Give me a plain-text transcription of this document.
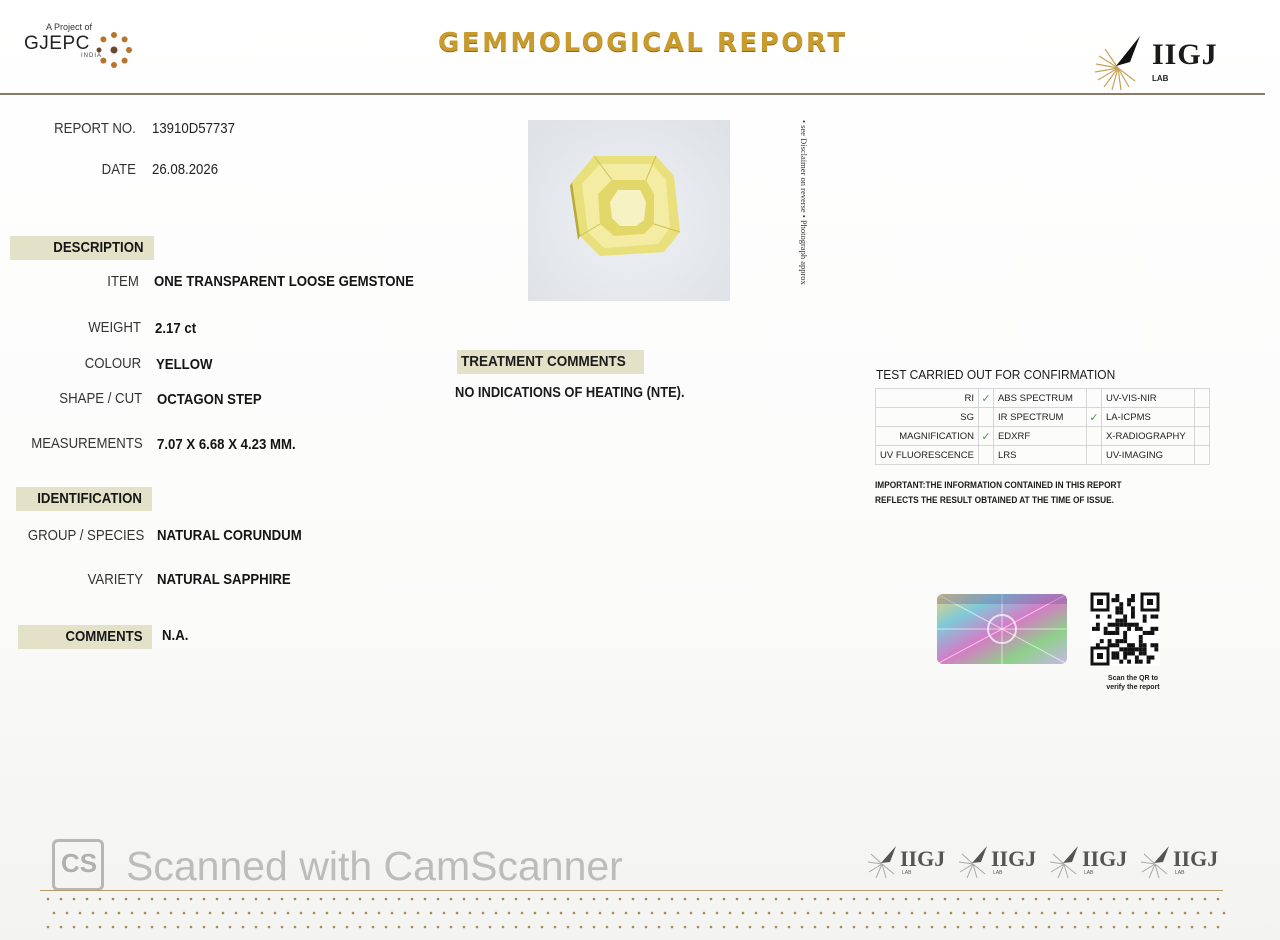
A Project of
GJEPC
INDIA	GEMMOLOGICAL REPORT	IIGJ
LAB
REPORT NO. 13910D57737
DATE 26.08.2026
DESCRIPTION
ITEM ONE TRANSPARENT LOOSE GEMSTONE
WEIGHT 2.17 ct
COLOUR YELLOW
SHAPE / CUT OCTAGON STEP
MEASUREMENTS 7.07 X 6.68 X 4.23 MM.
IDENTIFICATION
GROUP / SPECIES NATURAL CORUNDUM
VARIETY NATURAL SAPPHIRE
COMMENTS	N.A.
• see Disclaimer on reverse • Photograph approx
TREATMENT COMMENTS
NO INDICATIONS OF HEATING (NTE).
TEST CARRIED OUT FOR CONFIRMATION
RI	✓	ABS SPECTRUM		UV-VIS-NIR	
SG		IR SPECTRUM	✓	LA-ICPMS	
MAGNIFICATION	✓	EDXRF		X-RADIOGRAPHY	
UV FLUORESCENCE		LRS		UV-IMAGING	
IMPORTANT:THE INFORMATION CONTAINED IN THIS REPORT REFLECTS THE RESULT OBTAINED AT THE TIME OF ISSUE.
Scan the QR to
verify the report
CS Scanned with CamScanner	IIGJ
LAB
IIGJ
LAB
IIGJ
LAB
IIGJ
LAB
